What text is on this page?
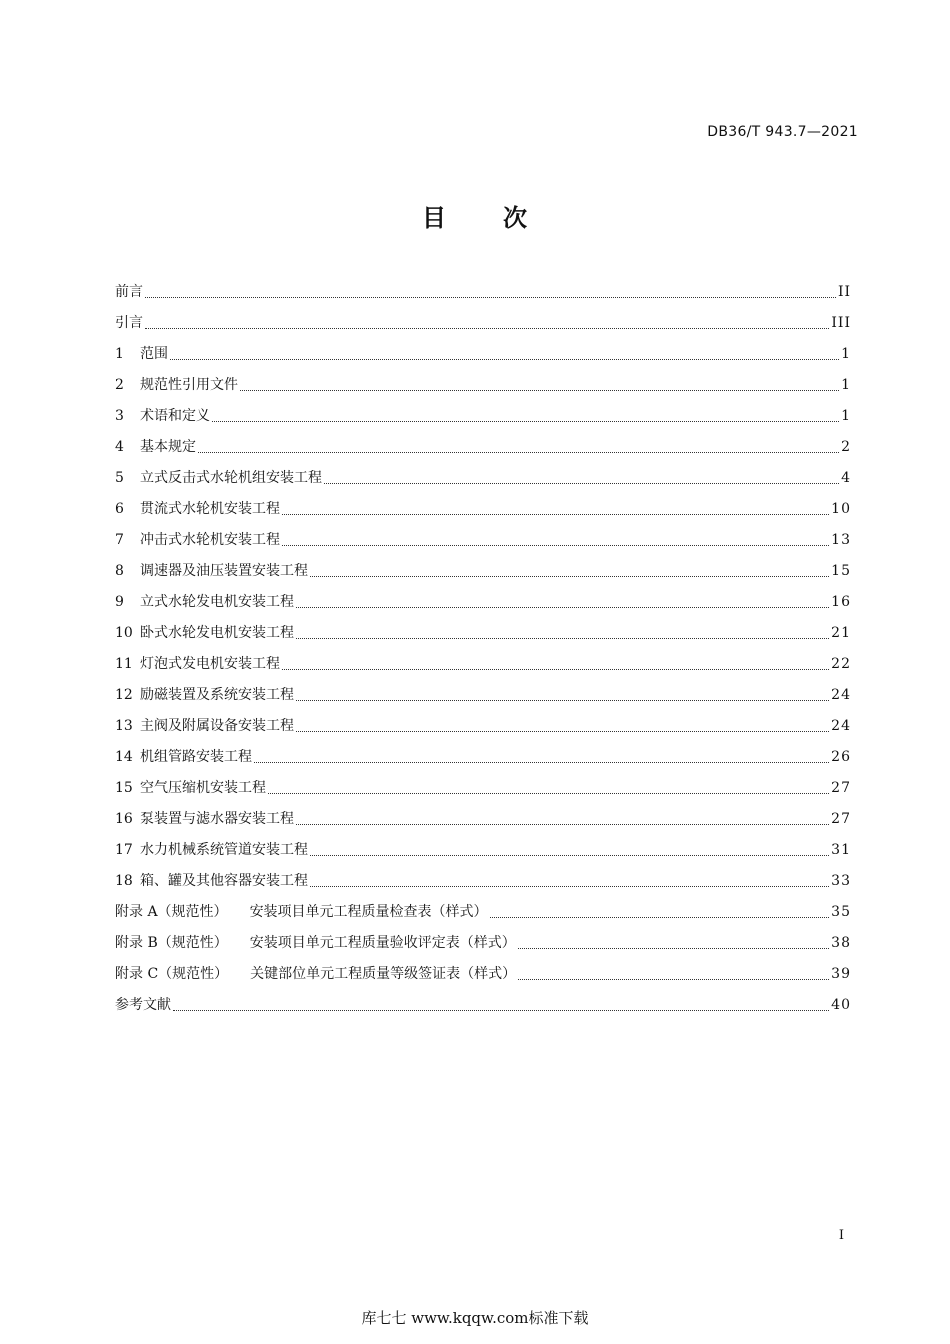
DB36/T 943.7—2021
目 次
前言	II
引言	III
1	范围	1
2	规范性引用文件	1
3	术语和定义	1
4	基本规定	2
5	立式反击式水轮机组安装工程	4
6	贯流式水轮机安装工程	10
7	冲击式水轮机安装工程	13
8	调速器及油压装置安装工程	15
9	立式水轮发电机安装工程	16
10 卧式水轮发电机安装工程	21
11 灯泡式发电机安装工程	22
12 励磁装置及系统安装工程	24
13 主阀及附属设备安装工程	24
14 机组管路安装工程	26
15 空气压缩机安装工程	27
16 泵装置与滤水器安装工程	27
17 水力机械系统管道安装工程	31
18 箱、罐及其他容器安装工程	33
附录 A（规范性） 安装项目单元工程质量检查表（样式）	35
附录 B（规范性） 安装项目单元工程质量验收评定表（样式）	38
附录 C（规范性） 关键部位单元工程质量等级签证表（样式）	39
参考文献	40
I
库七七 www.kqqw.com标准下载
